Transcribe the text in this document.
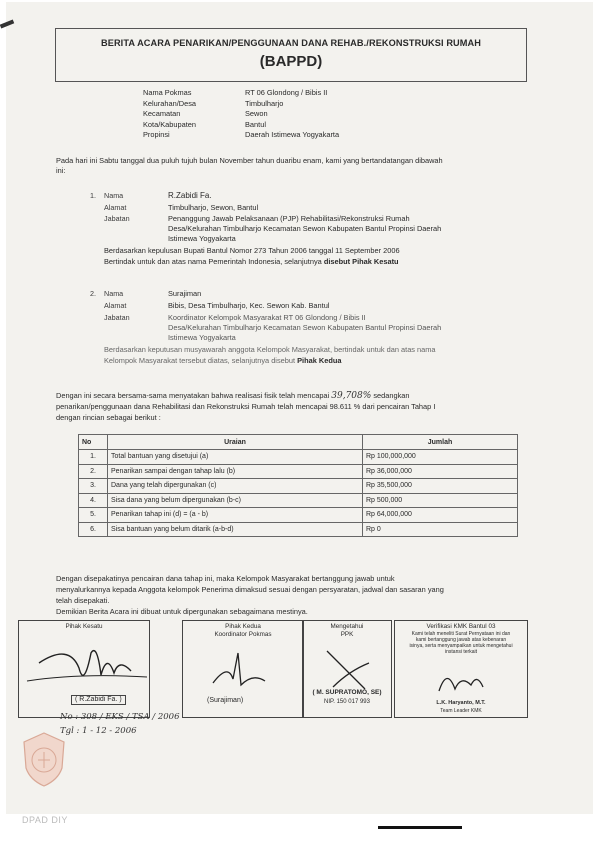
BERITA ACARA PENARIKAN/PENGGUNAAN DANA REHAB./REKONSTRUKSI RUMAH
(BAPPD)
Nama Pokmas	RT 06 Glondong / Bibis II
Kelurahan/Desa	Timbulharjo
Kecamatan	Sewon
Kota/Kabupaten	Bantul
Propinsi	Daerah Istimewa Yogyakarta
Pada hari ini Sabtu tanggal dua puluh tujuh bulan November tahun duaribu enam, kami yang bertandatangan dibawah
ini:
1. Nama	R.Zabidi Fa.
Alamat	Timbulharjo, Sewon, Bantul
Jabatan	Penanggung Jawab Pelaksanaan (PJP) Rehabilitasi/Rekonstruksi Rumah
Desa/Kelurahan Timbulharjo Kecamatan Sewon Kabupaten Bantul Propinsi Daerah
Istimewa Yogyakarta
Berdasarkan kepulusan Bupati Bantul Nomor 273 Tahun 2006 tanggal 11 September 2006
Bertindak untuk dan atas nama Pemerintah Indonesia, selanjutnya disebut Pihak Kesatu
2. Nama	Surajiman
Alamat	Bibis, Desa Timbulharjo, Kec. Sewon Kab. Bantul
Jabatan	Koordinator Kelompok Masyarakat RT 06 Glondong / Bibis II
Desa/Kelurahan Timbulharjo Kecamatan Sewon Kabupaten Bantul Propinsi Daerah
Istimewa Yogyakarta
Berdasarkan keputusan musyawarah anggota Kelompok Masyarakat, bertindak untuk dan atas nama
Kelompok Masyarakat tersebut diatas, selanjutnya disebut Pihak Kedua
Dengan ini secara bersama-sama menyatakan bahwa realisasi fisik telah mencapai 39,708% sedangkan
penarikan/penggunaan dana Rehabilitasi dan Rekonstruksi Rumah telah mencapai 98.611 % dari pencairan Tahap I
dengan rincian sebagai berikut :
No	Uraian	Jumlah
1.	Total bantuan yang disetujui (a)	Rp 100,000,000
2.	Penarikan sampai dengan tahap lalu (b)	Rp 36,000,000
3.	Dana yang telah dipergunakan (c)	Rp 35,500,000
4.	Sisa dana yang belum dipergunakan (b-c)	Rp 500,000
5.	Penarikan tahap ini (d) = (a - b)	Rp 64,000,000
6.	Sisa bantuan yang belum ditarik (a-b-d)	Rp 0
Dengan disepakatinya pencairan dana tahap ini, maka Kelompok Masyarakat bertanggung jawab untuk
menyalurkannya kepada Anggota kelompok Penerima dimaksud sesuai dengan persyaratan, jadwal dan sasaran yang
telah disepakati.
Demikian Berita Acara ini dibuat untuk dipergunakan sebagaimana mestinya.
Pihak Kesatu
( R.Zabidi Fa. )
Pihak Kedua
Koordinator Pokmas
(Surajiman)
Mengetahui
PPK
( M. SUPRATOMO, SE)
NIP. 150 017 993
Verifikasi KMK Bantul 03
Kami telah meneliti Surat Pernyataan ini dan
kami bertanggung jawab atas kebenaran
isinya, serta menyampaikan untuk mengetahui
instansi terkait
L.K. Haryanto, M.T.
Team Leader KMK
No : 308 / EKS / TSA / 2006
Tgl : 1 - 12 - 2006
DPAD DIY
